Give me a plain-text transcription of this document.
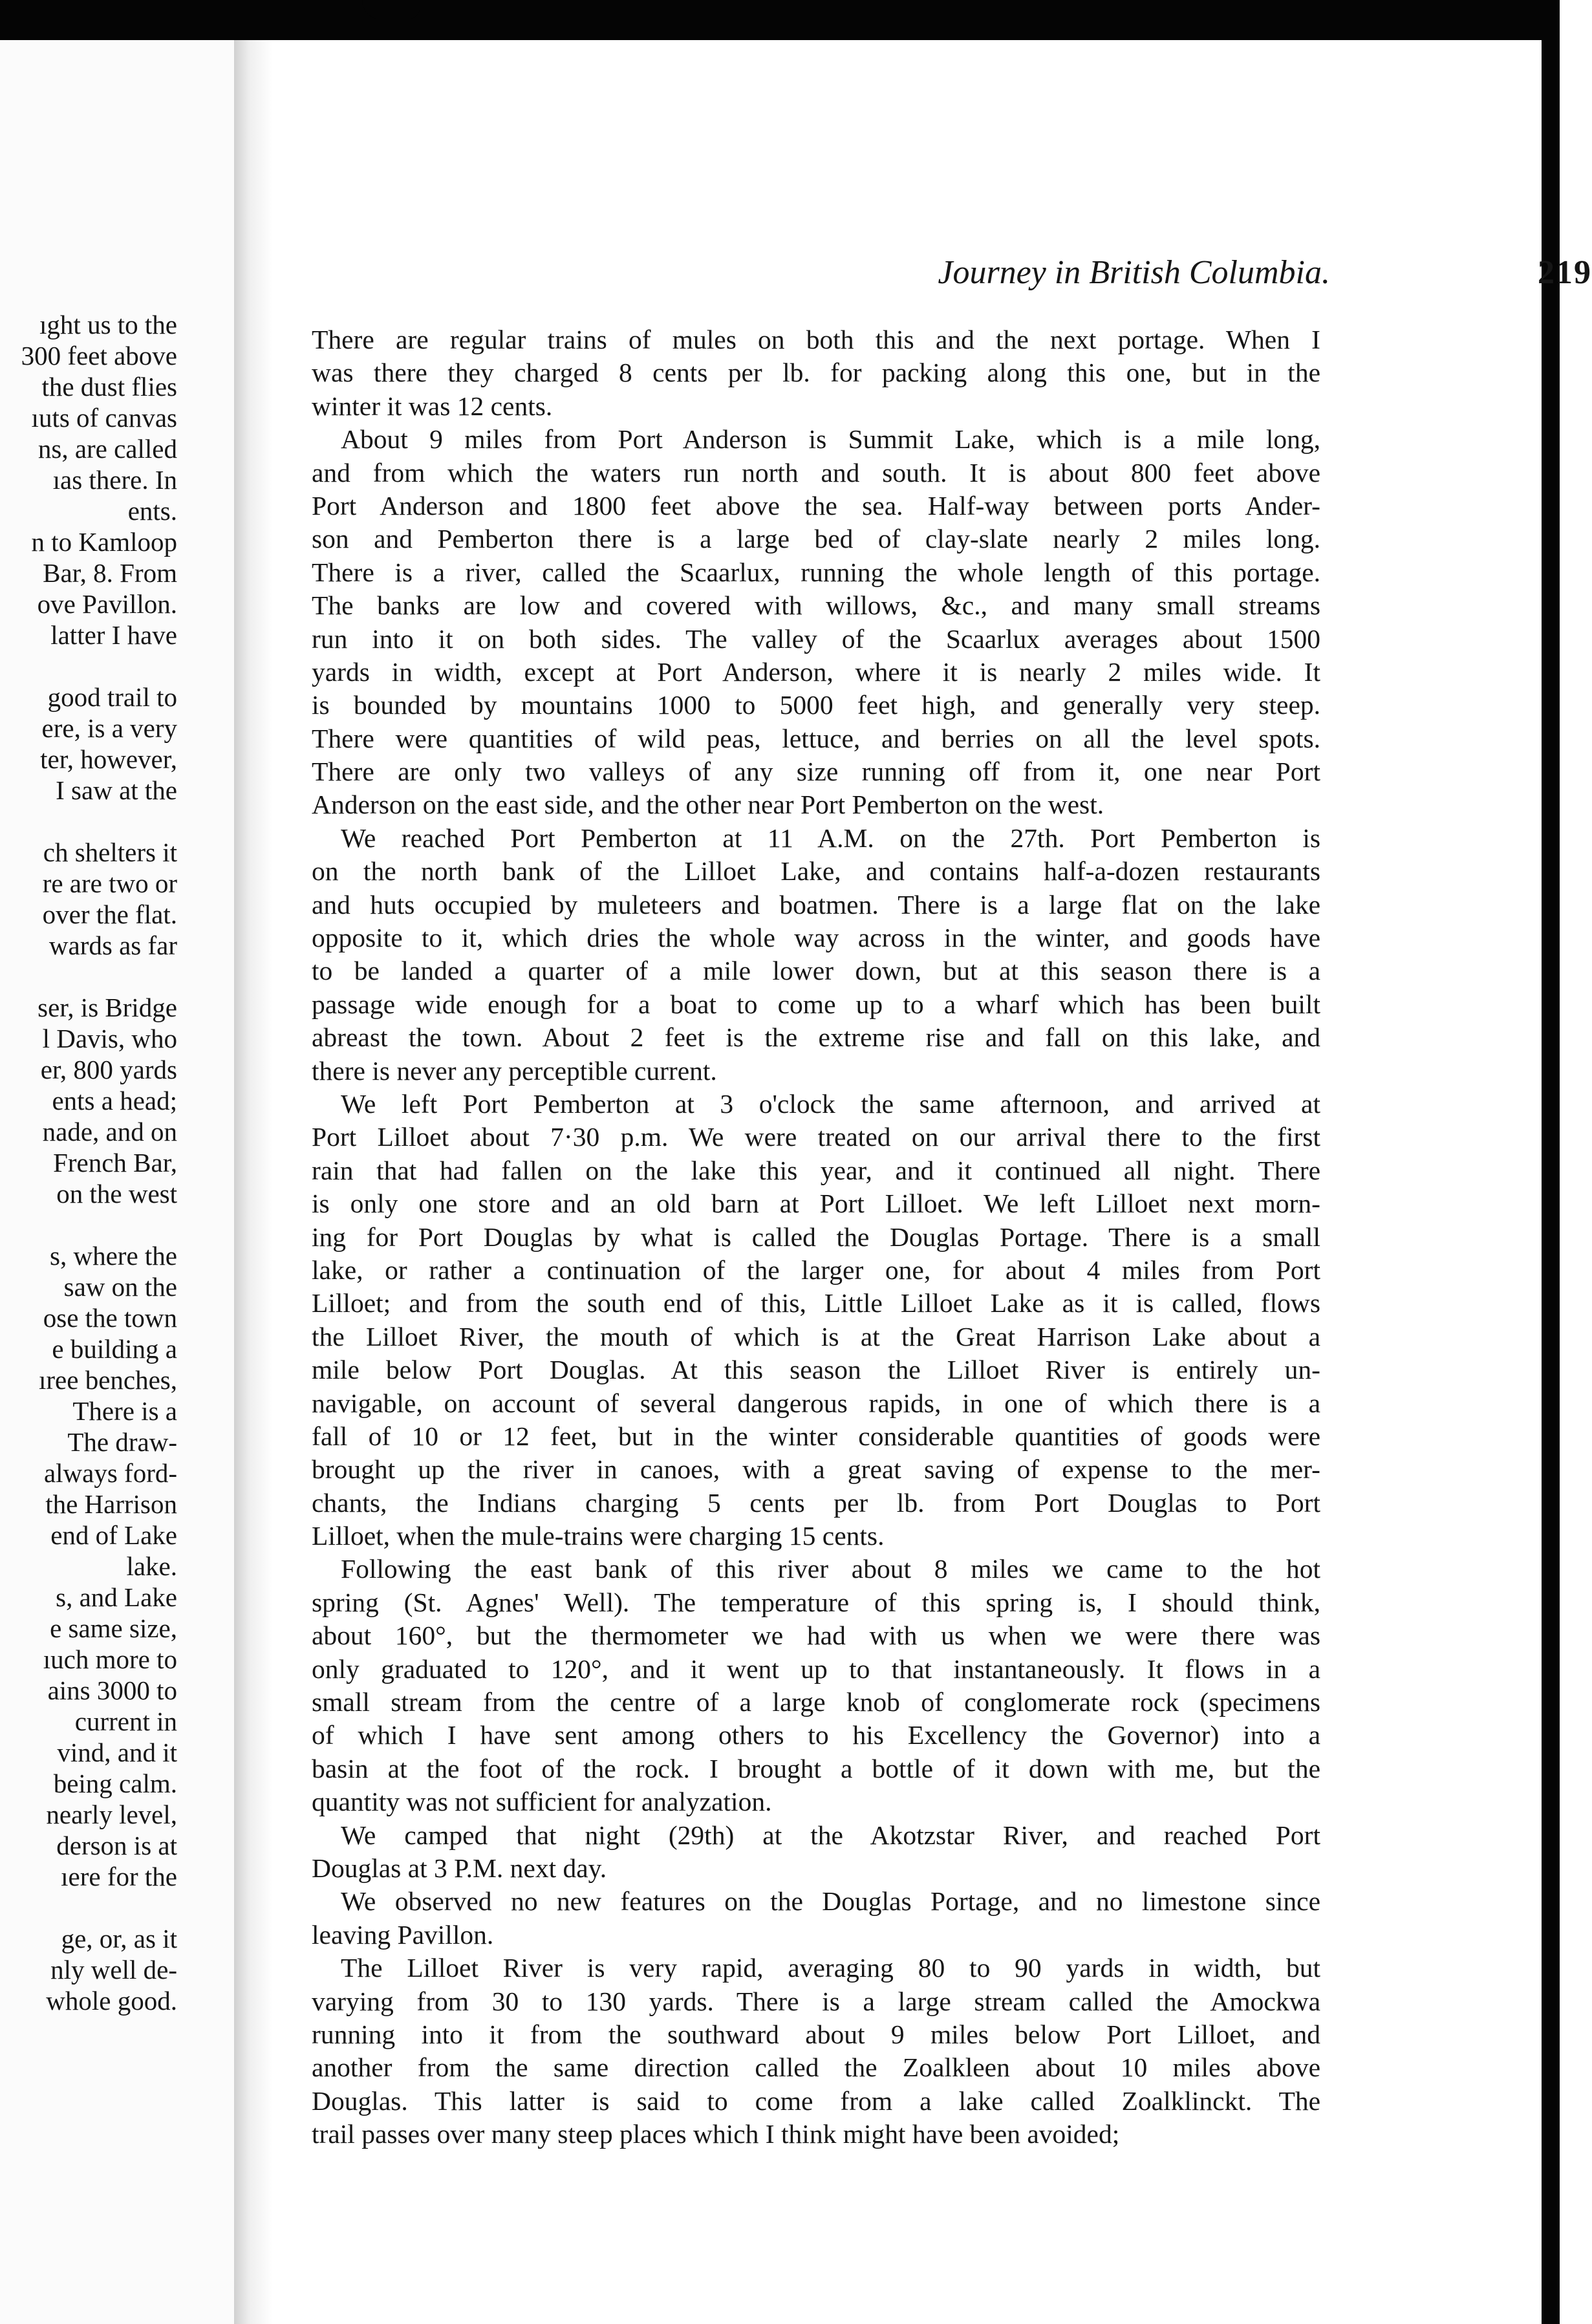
ıght us to the
300 feet above
the dust flies
ıuts of canvas
ns, are called
ıas there. In
ents.
n to Kamloop
Bar, 8. From
ove Pavillon.
latter I have
good trail to
ere, is a very
ter, however,
I saw at the
ch shelters it
re are two or
over the flat.
wards as far
ser, is Bridge
l Davis, who
er, 800 yards
ents a head;
nade, and on
French Bar,
on the west
s, where the
saw on the
ose the town
e building a
ıree benches,
There is a
The draw-
always ford-
the Harrison
end of Lake
lake.
s, and Lake
e same size,
ıuch more to
ains 3000 to
current in
vind, and it
being calm.
nearly level,
derson is at
ıere for the
ge, or, as it
nly well de-
whole good.
Journey in British Columbia.	219
There are regular trains of mules on both this and the next portage. When I
was there they charged 8 cents per lb. for packing along this one, but in the
winter it was 12 cents.
About 9 miles from Port Anderson is Summit Lake, which is a mile long,
and from which the waters run north and south. It is about 800 feet above
Port Anderson and 1800 feet above the sea. Half-way between ports Ander-
son and Pemberton there is a large bed of clay-slate nearly 2 miles long.
There is a river, called the Scaarlux, running the whole length of this portage.
The banks are low and covered with willows, &c., and many small streams
run into it on both sides. The valley of the Scaarlux averages about 1500
yards in width, except at Port Anderson, where it is nearly 2 miles wide. It
is bounded by mountains 1000 to 5000 feet high, and generally very steep.
There were quantities of wild peas, lettuce, and berries on all the level spots.
There are only two valleys of any size running off from it, one near Port
Anderson on the east side, and the other near Port Pemberton on the west.
We reached Port Pemberton at 11 A.M. on the 27th. Port Pemberton is
on the north bank of the Lilloet Lake, and contains half-a-dozen restaurants
and huts occupied by muleteers and boatmen. There is a large flat on the lake
opposite to it, which dries the whole way across in the winter, and goods have
to be landed a quarter of a mile lower down, but at this season there is a
passage wide enough for a boat to come up to a wharf which has been built
abreast the town. About 2 feet is the extreme rise and fall on this lake, and
there is never any perceptible current.
We left Port Pemberton at 3 o'clock the same afternoon, and arrived at
Port Lilloet about 7·30 p.m. We were treated on our arrival there to the first
rain that had fallen on the lake this year, and it continued all night. There
is only one store and an old barn at Port Lilloet. We left Lilloet next morn-
ing for Port Douglas by what is called the Douglas Portage. There is a small
lake, or rather a continuation of the larger one, for about 4 miles from Port
Lilloet; and from the south end of this, Little Lilloet Lake as it is called, flows
the Lilloet River, the mouth of which is at the Great Harrison Lake about a
mile below Port Douglas. At this season the Lilloet River is entirely un-
navigable, on account of several dangerous rapids, in one of which there is a
fall of 10 or 12 feet, but in the winter considerable quantities of goods were
brought up the river in canoes, with a great saving of expense to the mer-
chants, the Indians charging 5 cents per lb. from Port Douglas to Port
Lilloet, when the mule-trains were charging 15 cents.
Following the east bank of this river about 8 miles we came to the hot
spring (St. Agnes' Well). The temperature of this spring is, I should think,
about 160°, but the thermometer we had with us when we were there was
only graduated to 120°, and it went up to that instantaneously. It flows in a
small stream from the centre of a large knob of conglomerate rock (specimens
of which I have sent among others to his Excellency the Governor) into a
basin at the foot of the rock. I brought a bottle of it down with me, but the
quantity was not sufficient for analyzation.
We camped that night (29th) at the Akotzstar River, and reached Port
Douglas at 3 P.M. next day.
We observed no new features on the Douglas Portage, and no limestone since
leaving Pavillon.
The Lilloet River is very rapid, averaging 80 to 90 yards in width, but
varying from 30 to 130 yards. There is a large stream called the Amockwa
running into it from the southward about 9 miles below Port Lilloet, and
another from the same direction called the Zoalkleen about 10 miles above
Douglas. This latter is said to come from a lake called Zoalklinckt. The
trail passes over many steep places which I think might have been avoided;
